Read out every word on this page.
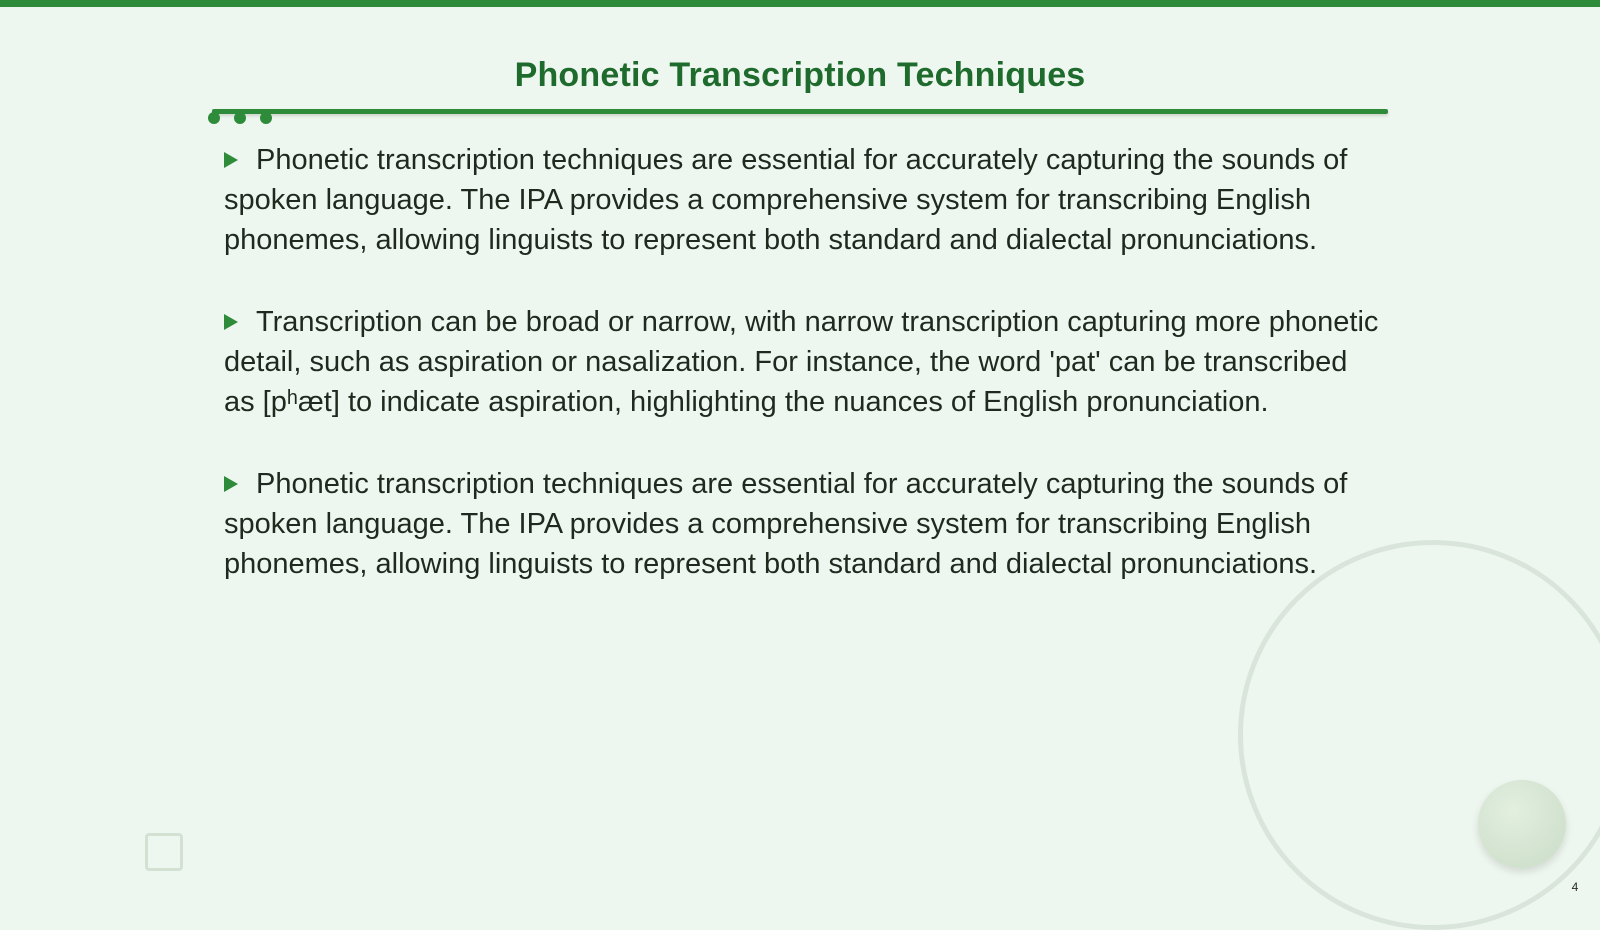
Phonetic Transcription Techniques

Phonetic transcription techniques are essential for accurately capturing the sounds of spoken language. The IPA provides a comprehensive system for transcribing English phonemes, allowing linguists to represent both standard and dialectal pronunciations.

Transcription can be broad or narrow, with narrow transcription capturing more phonetic detail, such as aspiration or nasalization. For instance, the word 'pat' can be transcribed as [pʰæt] to indicate aspiration, highlighting the nuances of English pronunciation.

Phonetic transcription techniques are essential for accurately capturing the sounds of spoken language. The IPA provides a comprehensive system for transcribing English phonemes, allowing linguists to represent both standard and dialectal pronunciations.

4
